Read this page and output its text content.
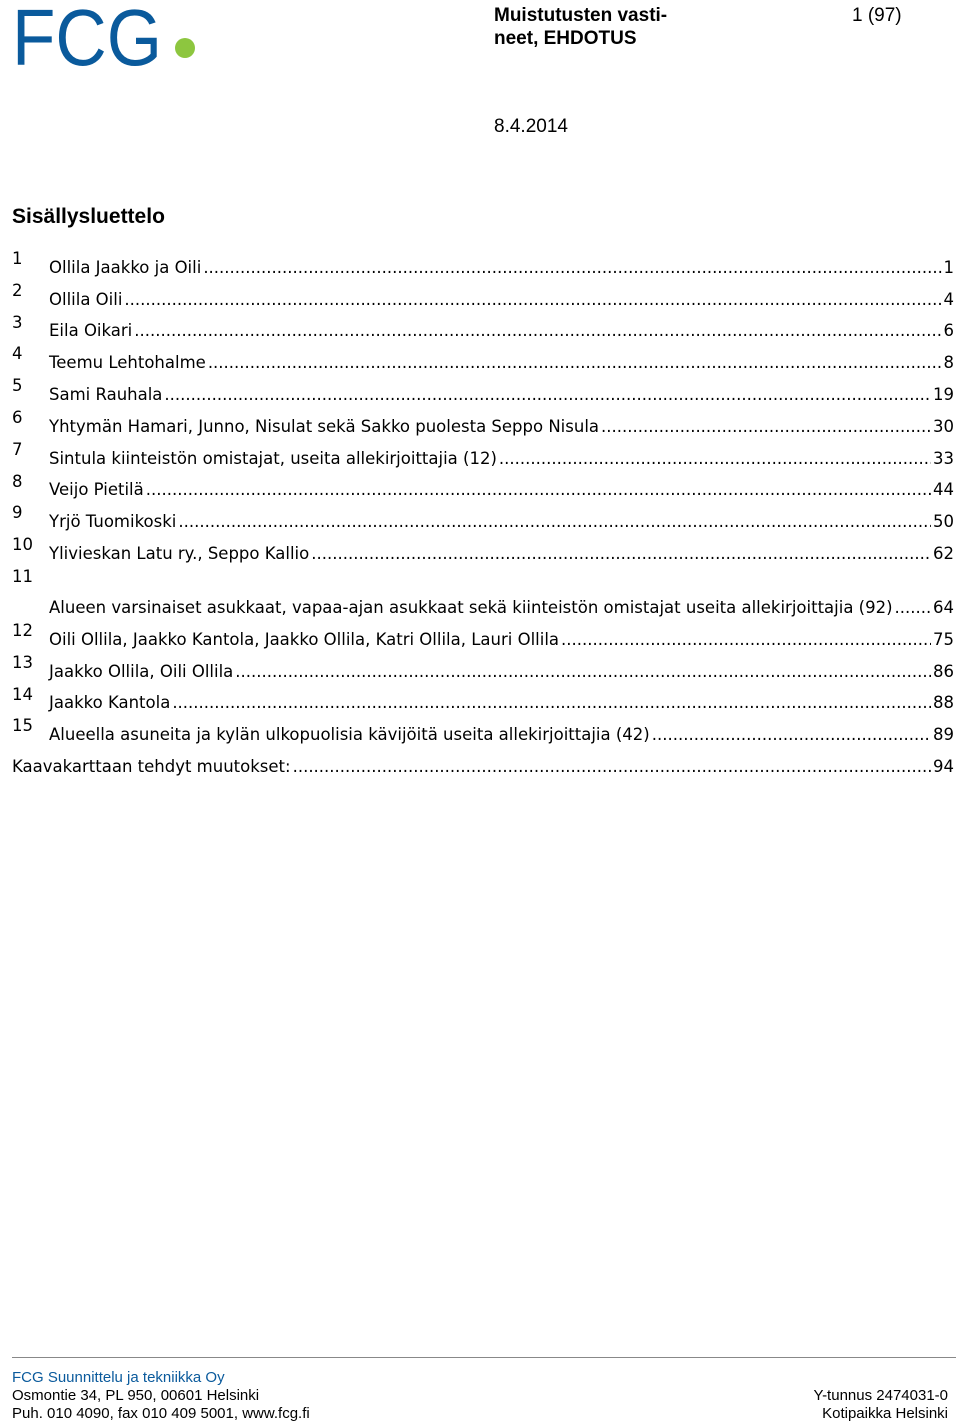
FCG	Muistutusten vasti-
neet, EHDOTUS
1 (97)
8.4.2014
Sisällysluettelo
1	Ollila Jaakko ja Oili .....	1
2	Ollila Oili .....	4
3	Eila Oikari .....	6
4	Teemu Lehtohalme .....	8
5	Sami Rauhala .....	19
6	Yhtymän Hamari, Junno, Nisulat sekä Sakko puolesta Seppo Nisula .....	30
7	Sintula kiinteistön omistajat, useita allekirjoittajia (12) .....	33
8	Veijo Pietilä .....	44
9	Yrjö Tuomikoski .....	50
10 Ylivieskan Latu ry., Seppo Kallio .....	62
11
Alueen varsinaiset asukkaat, vapaa-ajan asukkaat sekä kiinteistön omistajat useita allekirjoittajia (92) ..... 64
12 Oili Ollila, Jaakko Kantola, Jaakko Ollila, Katri Ollila, Lauri Ollila .....	75
13 Jaakko Ollila, Oili Ollila .....	86
14 Jaakko Kantola .....	88
15 Alueella asuneita ja kylän ulkopuolisia kävijöitä useita allekirjoittajia (42) .....	89
Kaavakarttaan tehdyt muutokset: .....	94
FCG Suunnittelu ja tekniikka Oy
Osmontie 34, PL 950, 00601 Helsinki	Y-tunnus 2474031-0
Puh. 010 4090, fax 010 409 5001, www.fcg.fi	Kotipaikka Helsinki
